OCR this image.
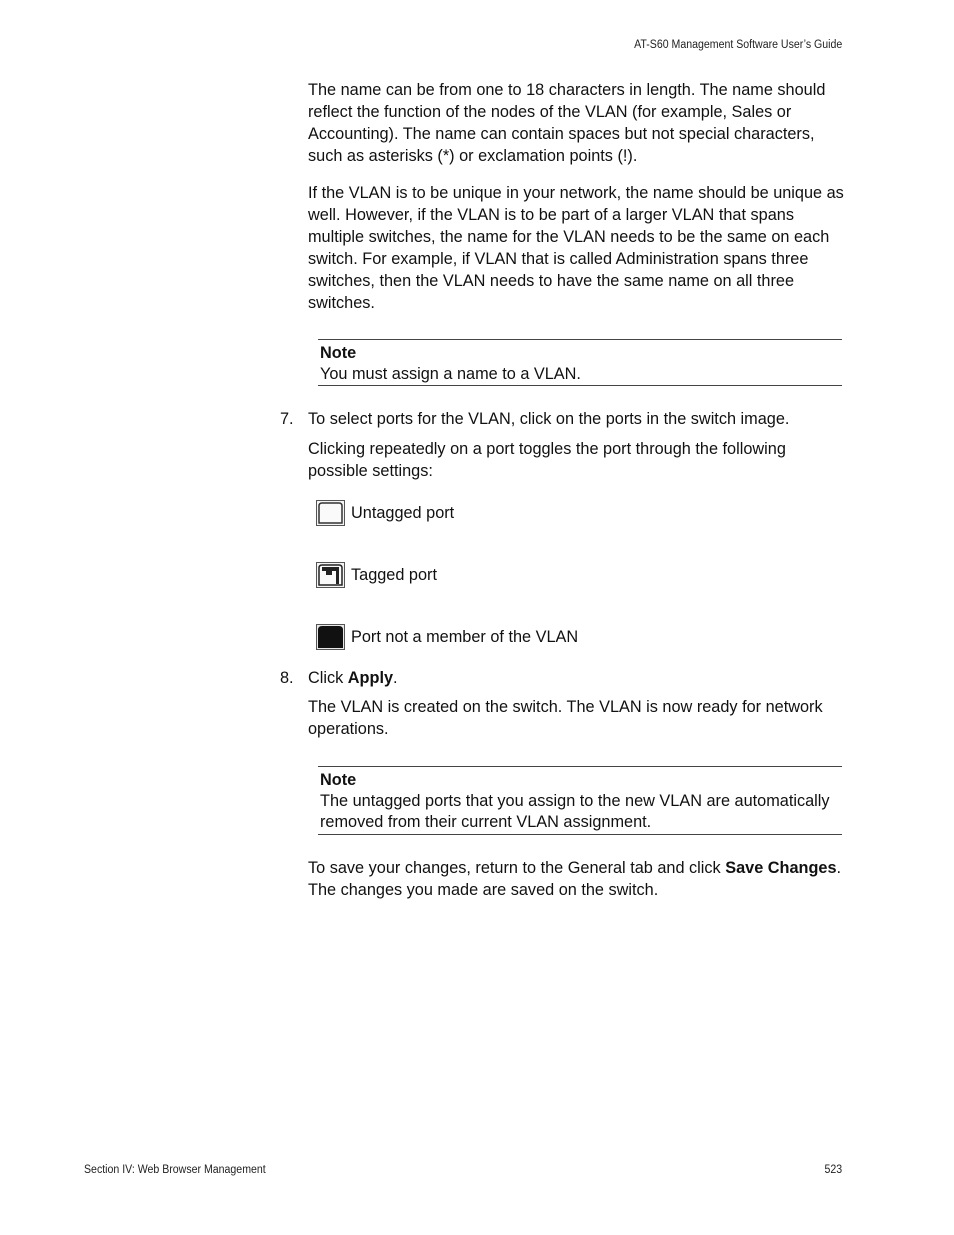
AT-S60 Management Software User’s Guide

The name can be from one to 18 characters in length. The name should reflect the function of the nodes of the VLAN (for example, Sales or Accounting). The name can contain spaces but not special characters, such as asterisks (*) or exclamation points (!).

If the VLAN is to be unique in your network, the name should be unique as well. However, if the VLAN is to be part of a larger VLAN that spans multiple switches, the name for the VLAN needs to be the same on each switch. For example, if VLAN that is called Administration spans three switches, then the VLAN needs to have the same name on all three switches.

Note
You must assign a name to a VLAN.
7. To select ports for the VLAN, click on the ports in the switch image.

Clicking repeatedly on a port toggles the port through the following possible settings:

Untagged port
Tagged port
Port not a member of the VLAN
8. Click Apply.

The VLAN is created on the switch. The VLAN is now ready for network operations.

Note
The untagged ports that you assign to the new VLAN are automatically removed from their current VLAN assignment.

To save your changes, return to the General tab and click Save Changes. The changes you made are saved on the switch.

Section IV: Web Browser Management	523
